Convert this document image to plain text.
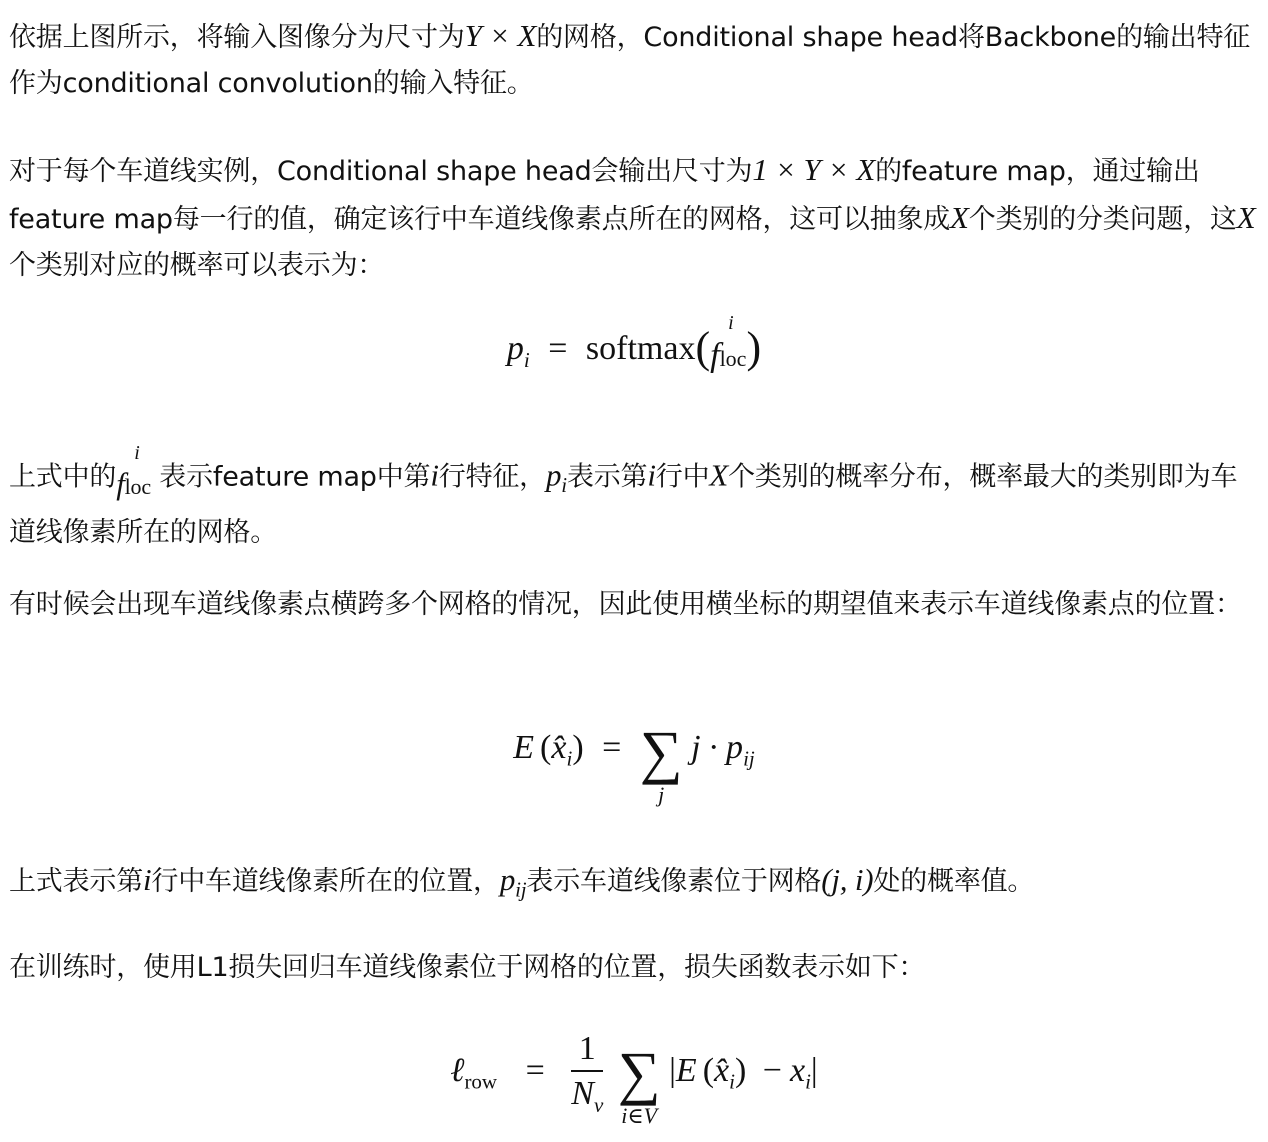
依据上图所示，将输入图像分为尺寸为Y × X的网格，Conditional shape head将Backbone的输出特征作为conditional convolution的输入特征。

对于每个车道线实例，Conditional shape head会输出尺寸为1 × Y × X的feature map，通过输出feature map每一行的值，确定该行中车道线像素点所在的网格，这可以抽象成X个类别的分类问题，这X个类别对应的概率可以表示为：

$p_i$ = softmax(f
i
loc)

上式中的f
i
loc 表示feature map中第i行特征，$p_i$表示第i行中X个类别的概率分布，概率最大的类别即为车道线像素所在的网格。

有时候会出现车道线像素点横跨多个网格的情况，因此使用横坐标的期望值来表示车道线像素点的位置：

E $(x̂_i)$ = ∑
j
$j \cdot p_{ij}$

上式表示第i行中车道线像素所在的位置，$p_{ij}$表示车道线像素位于网格(j, i)处的概率值。

在训练时，使用L1损失回归车道线像素位于网格的位置，损失函数表示如下：

ℓ$_{row}$ = $\frac{1}{N_v}$
∑
i∈V
|E $(x̂_i) - x_i|$
